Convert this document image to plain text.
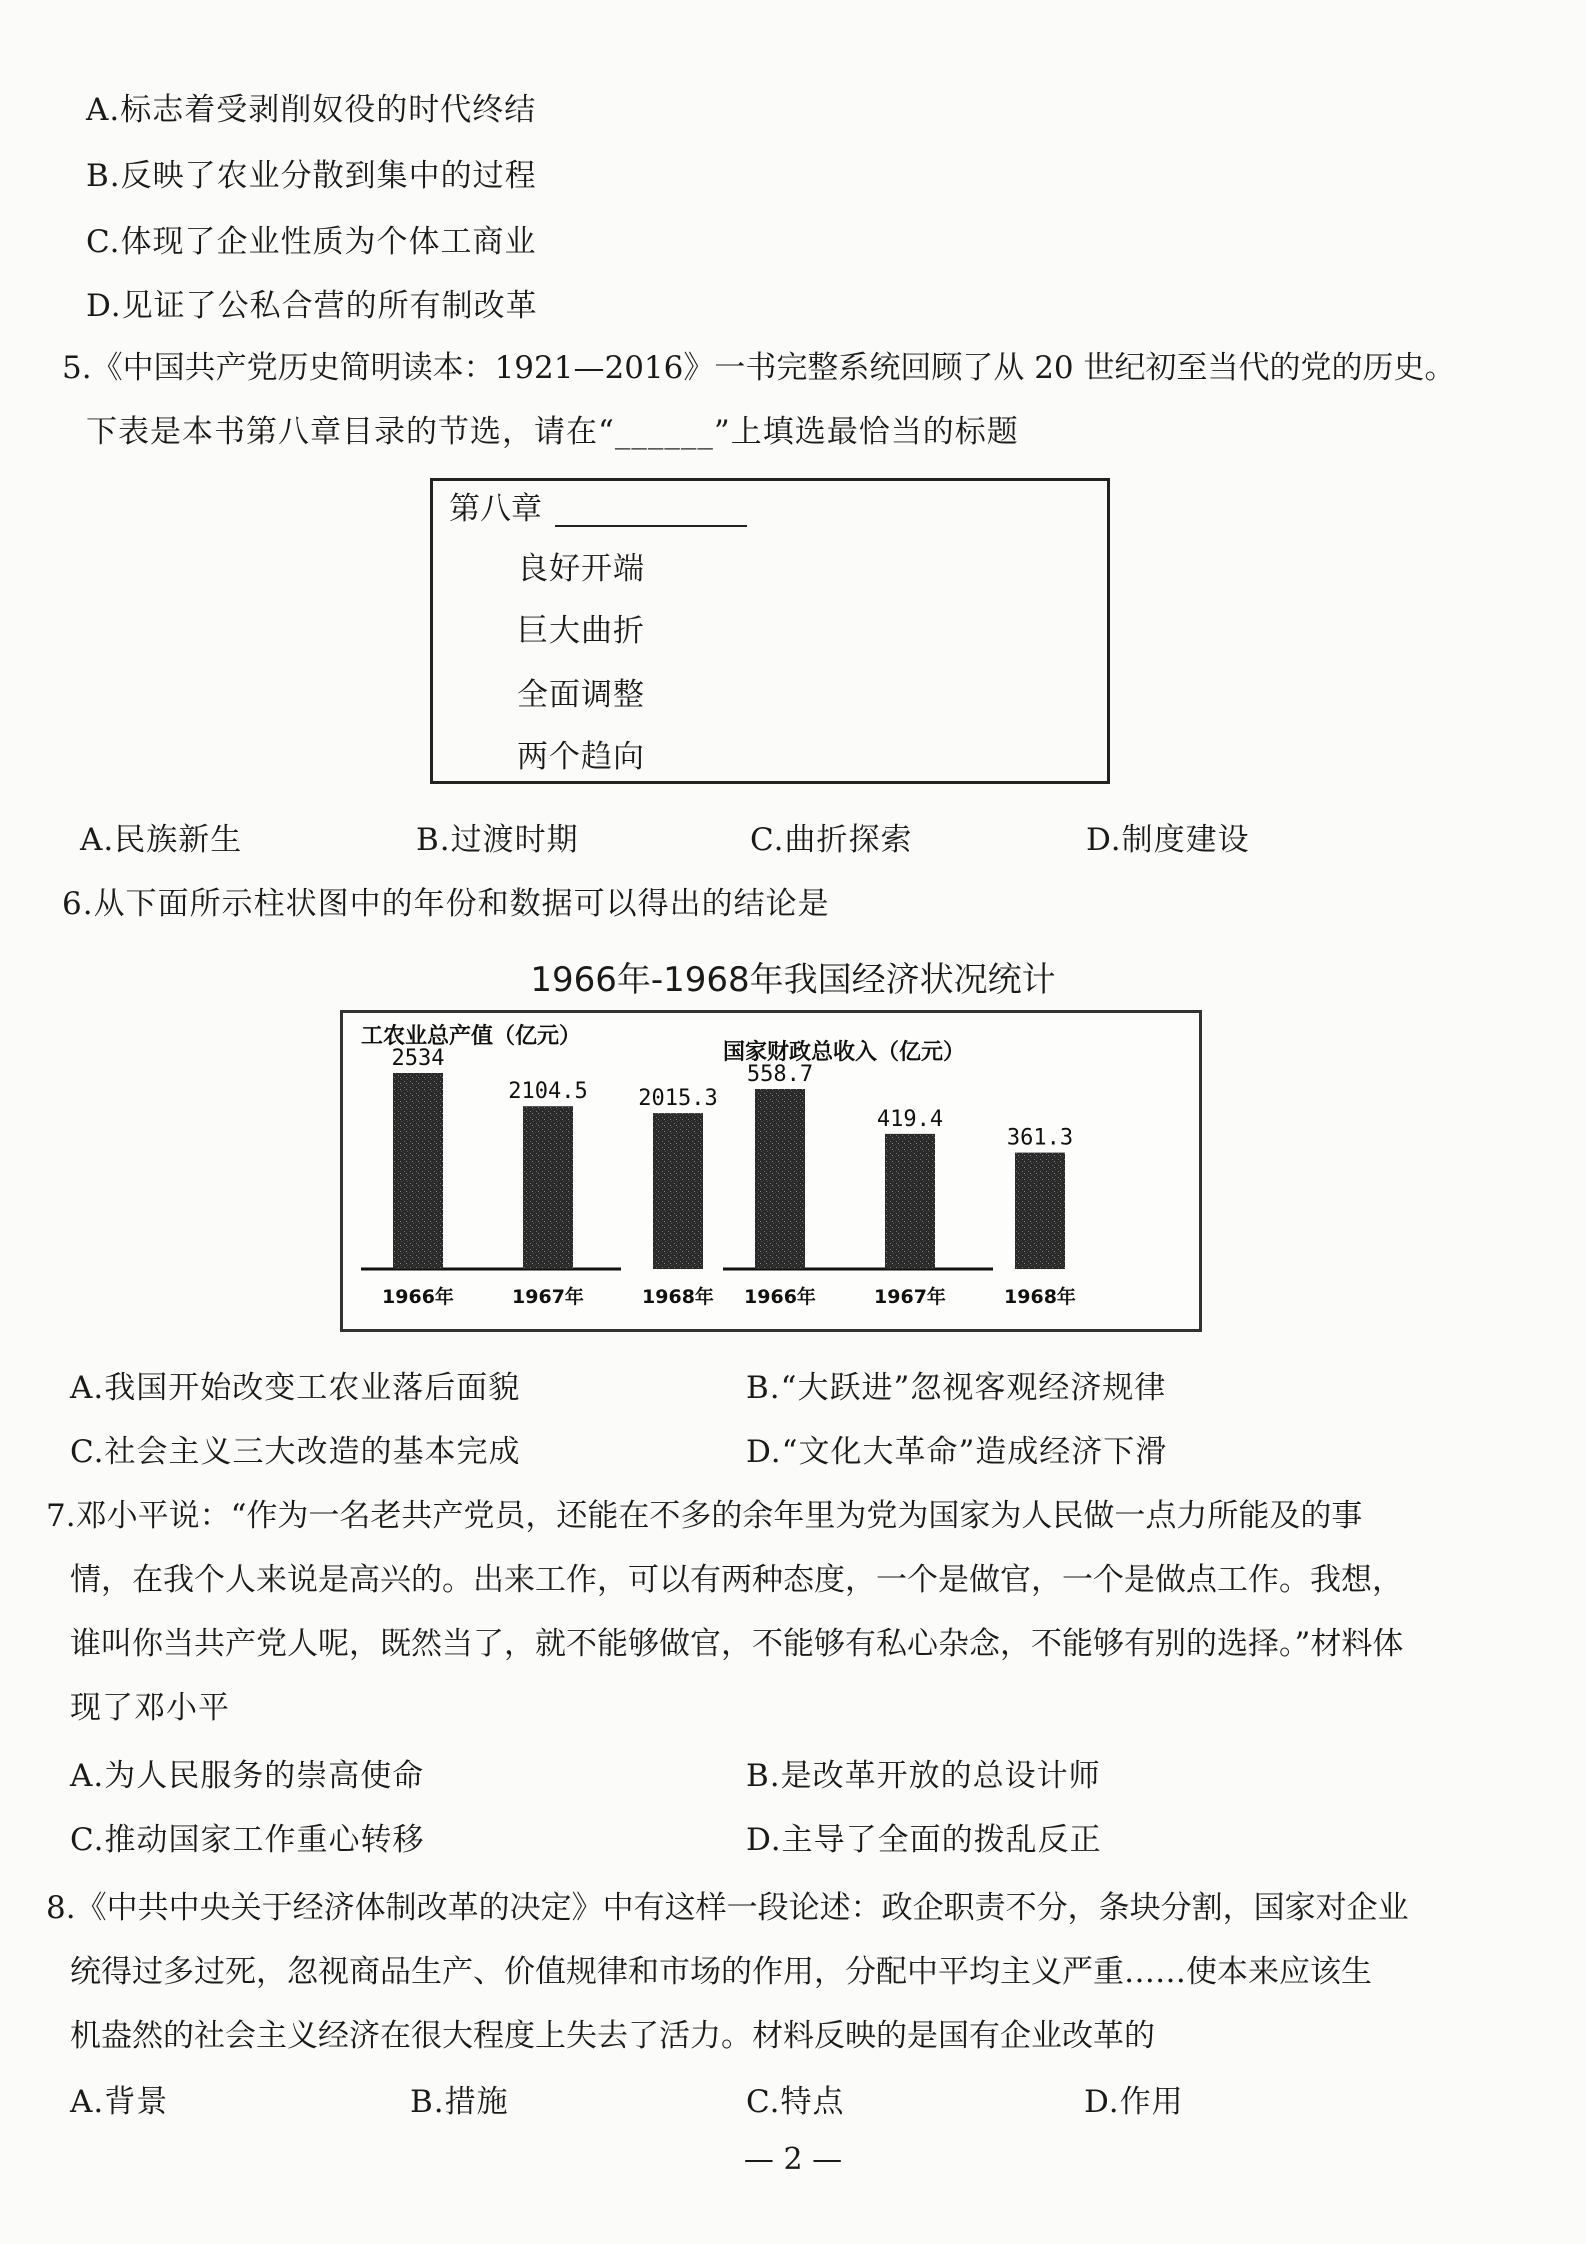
A.标志着受剥削奴役的时代终结
B.反映了农业分散到集中的过程
C.体现了企业性质为个体工商业
D.见证了公私合营的所有制改革
5.《中国共产党历史简明读本：1921—2016》一书完整系统回顾了从 20 世纪初至当代的党的历史。
下表是本书第八章目录的节选，请在“______”上填选最恰当的标题
第八章
良好开端
巨大曲折
全面调整
两个趋向
A.民族新生	B.过渡时期	C.曲折探索	D.制度建设
6.从下面所示柱状图中的年份和数据可以得出的结论是
1966年-1968年我国经济状况统计
工农业总产值（亿元）
2534
1966年
2104.5
1967年
2015.3
1968年
国家财政总收入（亿元）
558.7
1966年
419.4
1967年
361.3
1968年
A.我国开始改变工农业落后面貌	B.“大跃进”忽视客观经济规律
C.社会主义三大改造的基本完成	D.“文化大革命”造成经济下滑
7.邓小平说：“作为一名老共产党员，还能在不多的余年里为党为国家为人民做一点力所能及的事
情，在我个人来说是高兴的。出来工作，可以有两种态度，一个是做官，一个是做点工作。我想，
谁叫你当共产党人呢，既然当了，就不能够做官，不能够有私心杂念，不能够有别的选择。”材料体
现了邓小平
A.为人民服务的崇高使命	B.是改革开放的总设计师
C.推动国家工作重心转移	D.主导了全面的拨乱反正
8.《中共中央关于经济体制改革的决定》中有这样一段论述：政企职责不分，条块分割，国家对企业
统得过多过死，忽视商品生产、价值规律和市场的作用，分配中平均主义严重……使本来应该生
机盎然的社会主义经济在很大程度上失去了活力。材料反映的是国有企业改革的
A.背景	B.措施	C.特点	D.作用
— 2 —
